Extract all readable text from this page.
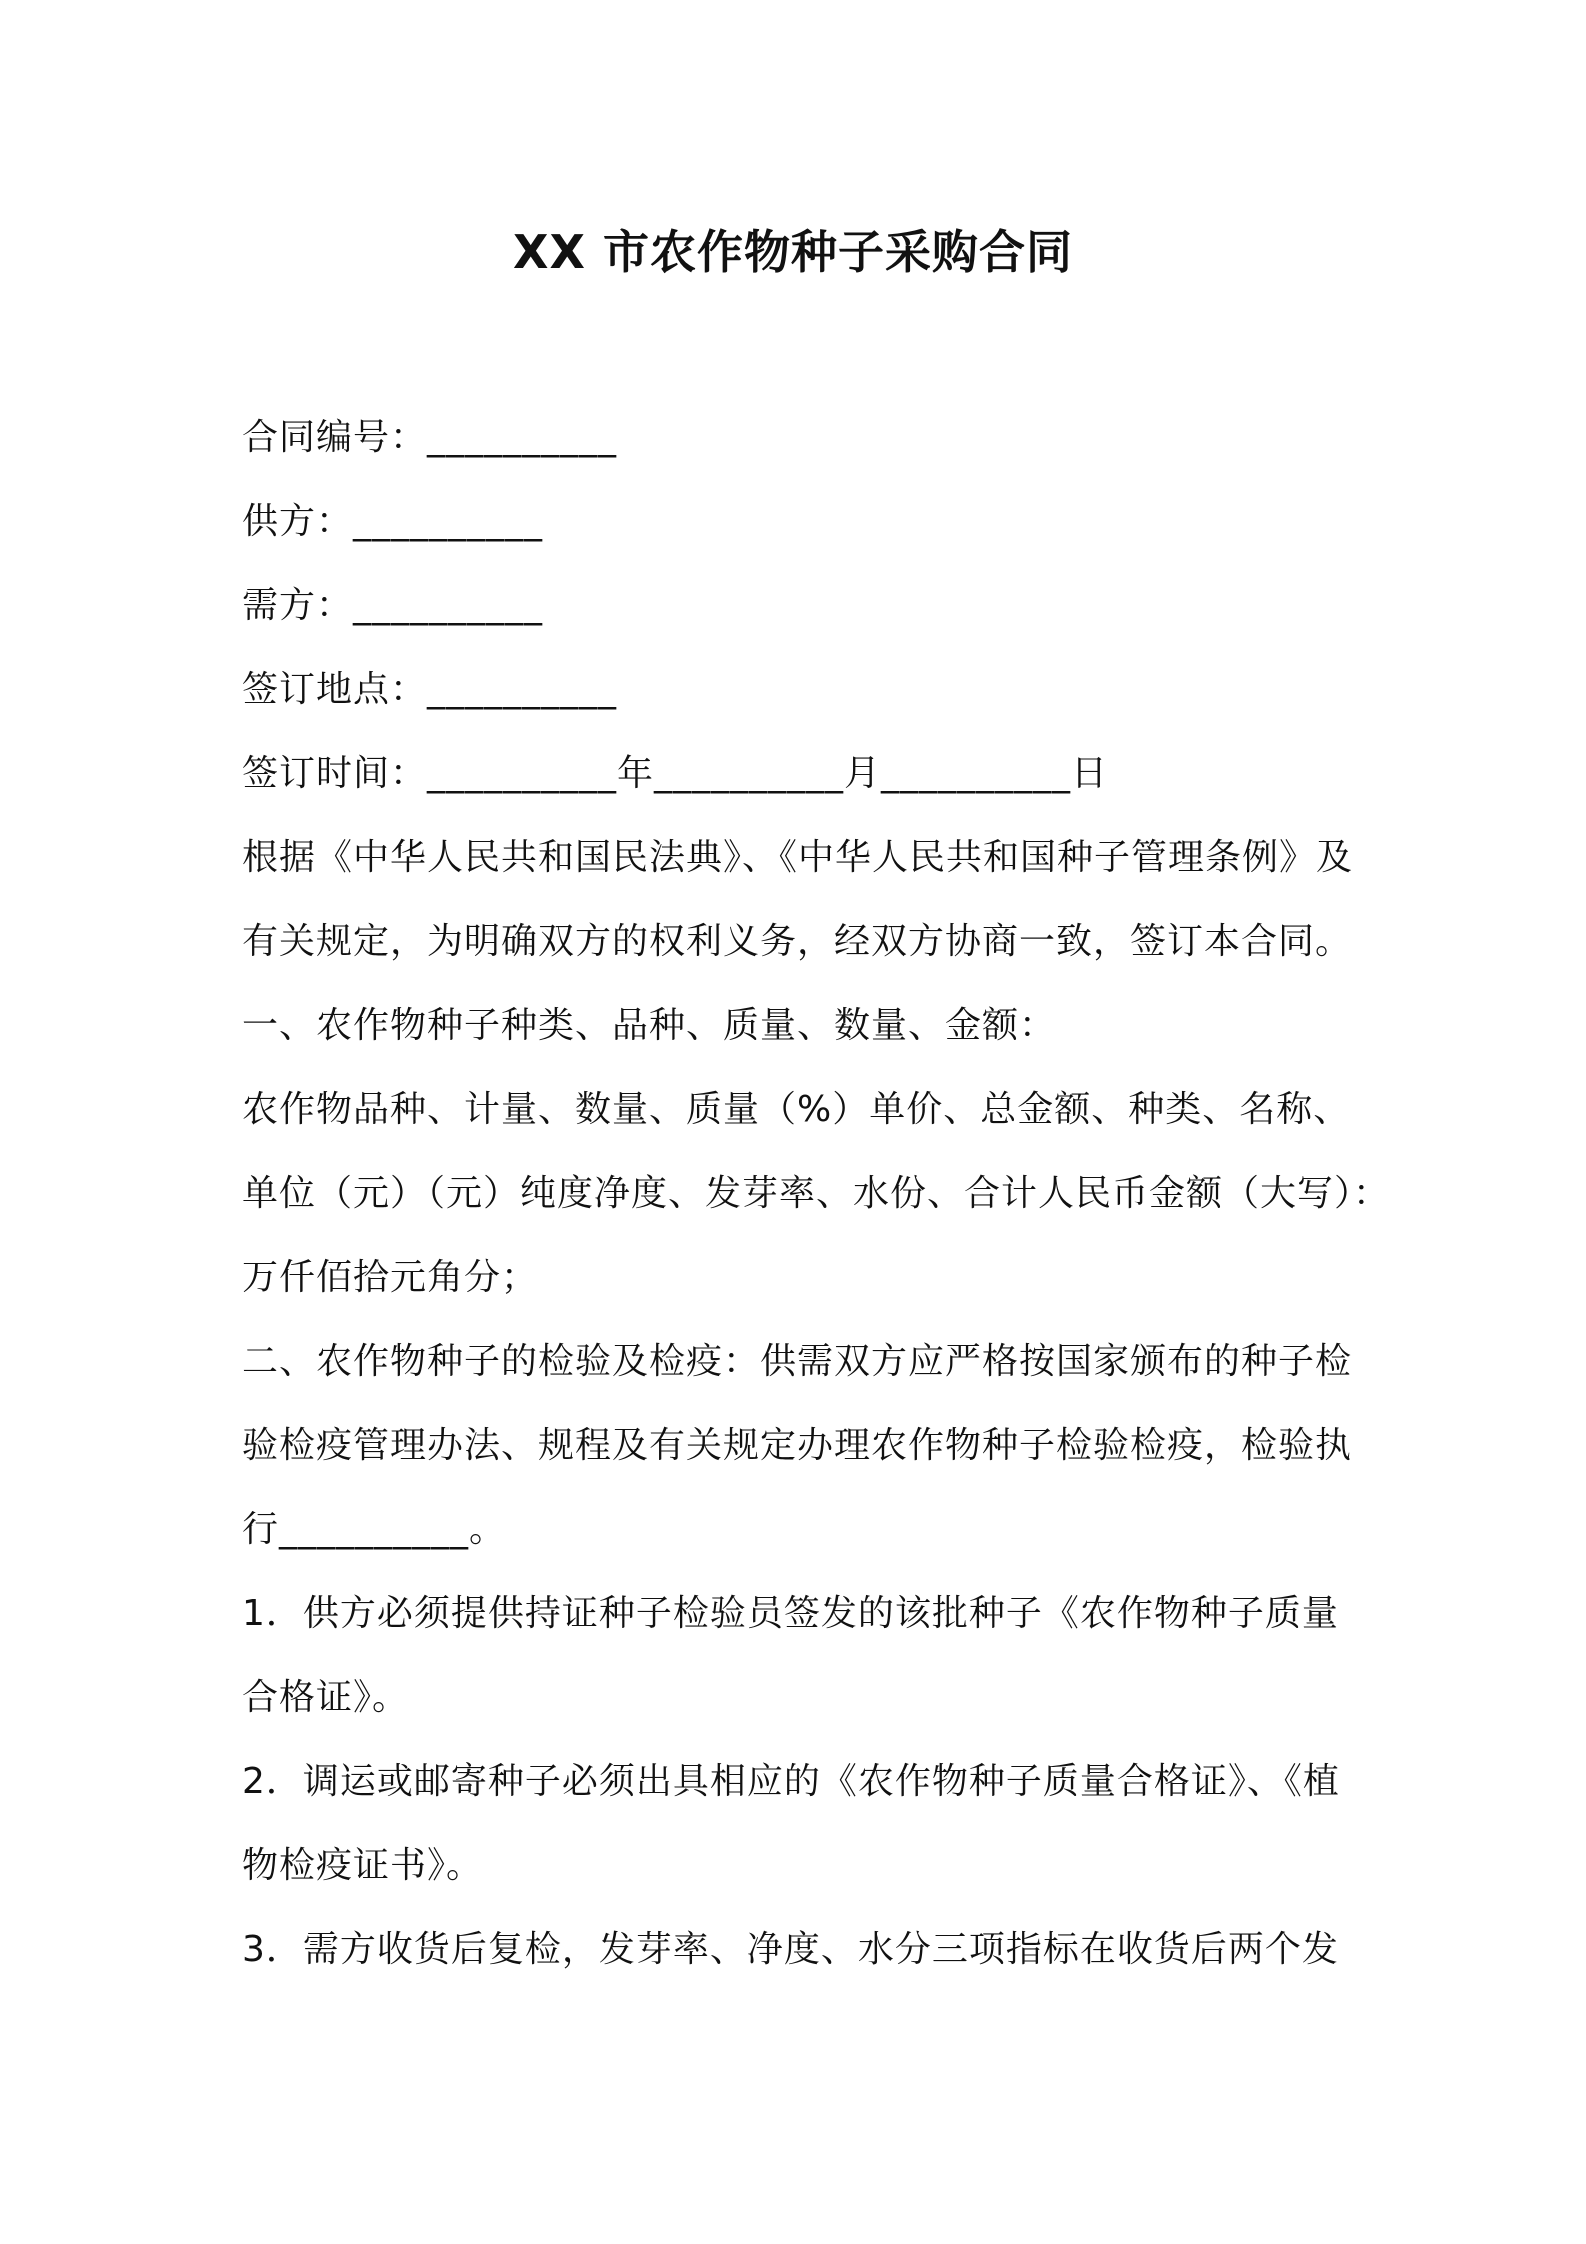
XX 市农作物种子采购合同
合同编号：__________
供方：__________
需方：__________
签订地点：__________
签订时间：__________年__________月__________日
根据《中华人民共和国民法典》、《中华人民共和国种子管理条例》及
有关规定，为明确双方的权利义务，经双方协商一致，签订本合同。
一、农作物种子种类、品种、质量、数量、金额：
农作物品种、计量、数量、质量（%）单价、总金额、种类、名称、
单位（元）（元）纯度净度、发芽率、水份、合计人民币金额（大写）：
万仟佰拾元角分；
二、农作物种子的检验及检疫：供需双方应严格按国家颁布的种子检
验检疫管理办法、规程及有关规定办理农作物种子检验检疫，检验执
行__________。
1．供方必须提供持证种子检验员签发的该批种子《农作物种子质量
合格证》。
2．调运或邮寄种子必须出具相应的《农作物种子质量合格证》、《植
物检疫证书》。
3．需方收货后复检，发芽率、净度、水分三项指标在收货后两个发
